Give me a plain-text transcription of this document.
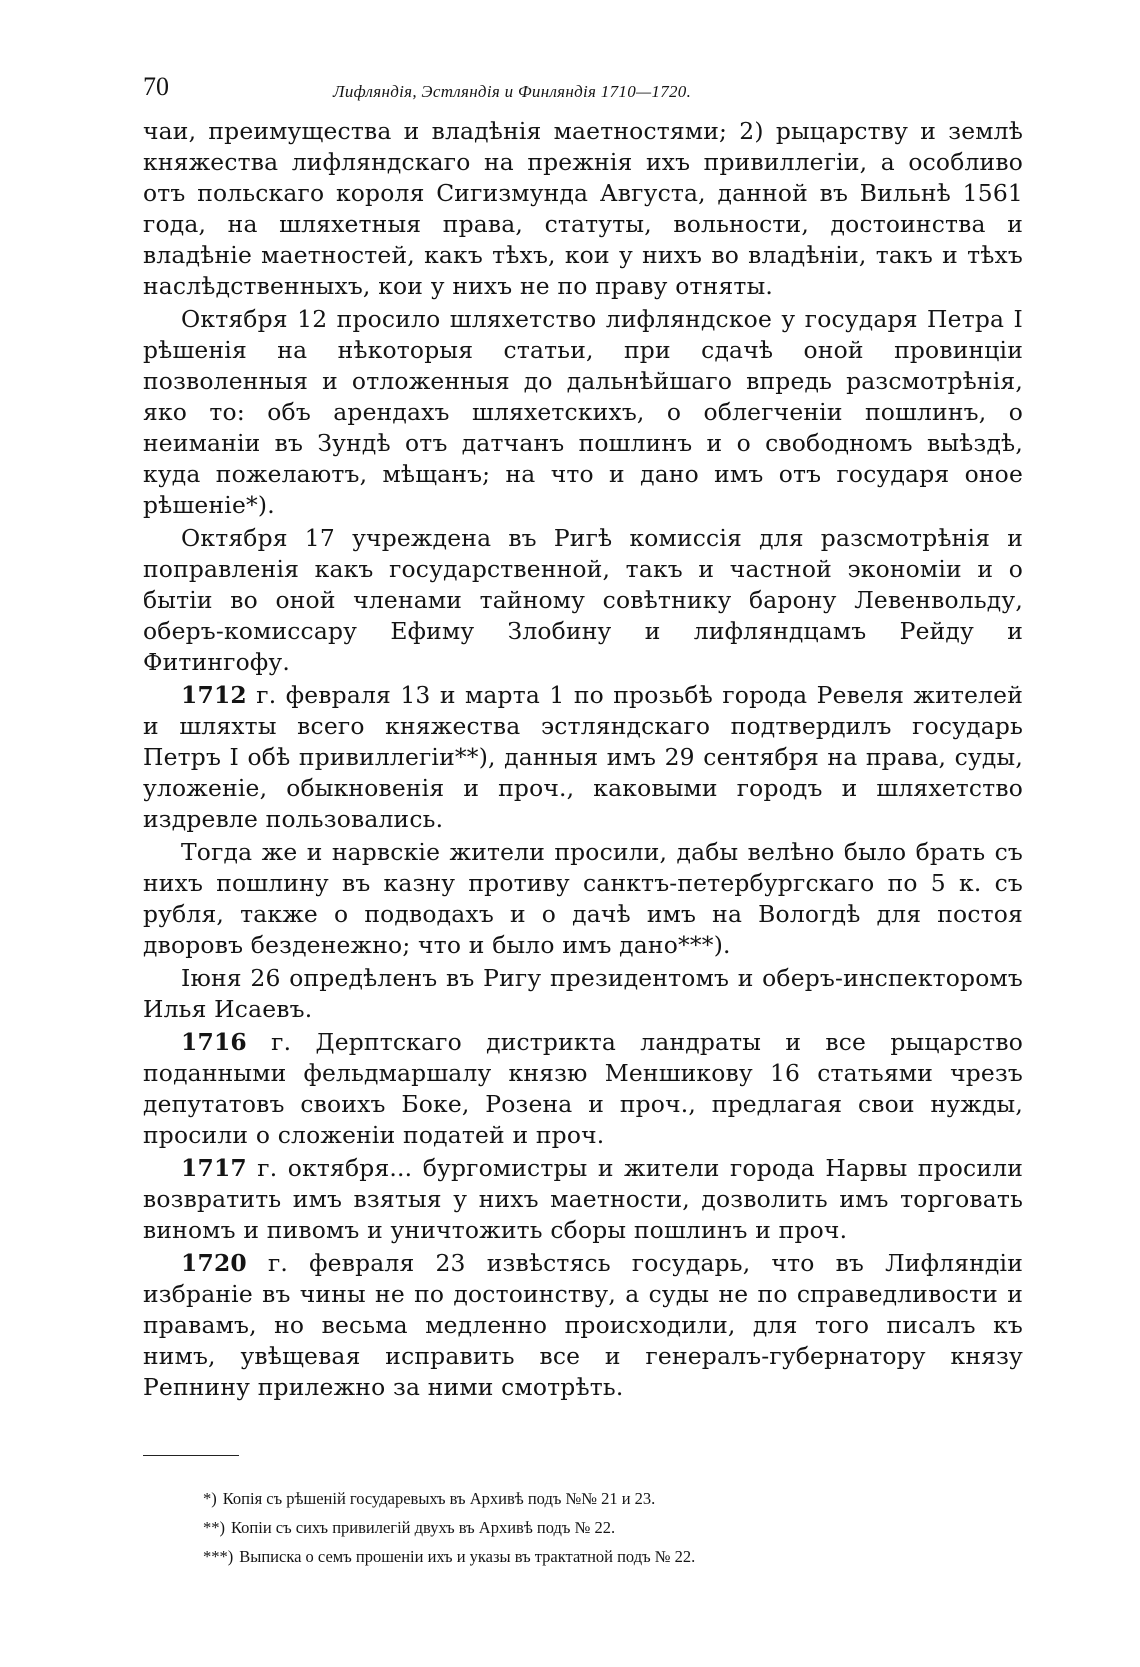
70	Лифляндія, Эстляндія и Финляндія 1710—1720.

чаи, преимущества и владѣнія маетностями; 2) рыцарству и землѣ княжества лифляндскаго на прежнія ихъ привиллегіи, а особливо отъ польскаго короля Сигизмунда Августа, данной въ Вильнѣ 1561 года, на шляхетныя права, статуты, вольности, достоинства и владѣніе маетностей, какъ тѣхъ, кои у нихъ во владѣніи, такъ и тѣхъ наслѣдственныхъ, кои у нихъ не по праву отняты.

Октября 12 просило шляхетство лифляндское у государя Петра I рѣшенія на нѣкоторыя статьи, при сдачѣ оной провинціи позволенныя и отложенныя до дальнѣйшаго впредь разсмотрѣнія, яко то: объ арендахъ шляхетскихъ, о облегченіи пошлинъ, о неиманіи въ Зундѣ отъ датчанъ пошлинъ и о свободномъ выѣздѣ, куда пожелаютъ, мѣщанъ; на что и дано имъ отъ государя оное рѣшеніе*).

Октября 17 учреждена въ Ригѣ комиссія для разсмотрѣнія и поправленія какъ государственной, такъ и частной экономіи и о бытіи во оной членами тайному совѣтнику барону Левенвольду, оберъ-комиссару Ефиму Злобину и лифляндцамъ Рейду и Фитингофу.

1712 г. февраля 13 и марта 1 по прозьбѣ города Ревеля жителей и шляхты всего княжества эстляндскаго подтвердилъ государь Петръ I обѣ привиллегіи**), данныя имъ 29 сентября на права, суды, уложеніе, обыкновенія и проч., каковыми городъ и шляхетство издревле пользовались.

Тогда же и нарвскіе жители просили, дабы велѣно было брать съ нихъ пошлину въ казну противу санктъ-петербургскаго по 5 к. съ рубля, также о подводахъ и о дачѣ имъ на Вологдѣ для постоя дворовъ безденежно; что и было имъ дано***).

Іюня 26 опредѣленъ въ Ригу президентомъ и оберъ-инспекторомъ Илья Исаевъ.

1716 г. Дерптскаго дистрикта ландраты и все рыцарство поданными фельдмаршалу князю Меншикову 16 статьями чрезъ депутатовъ своихъ Боке, Розена и проч., предлагая свои нужды, просили о сложеніи податей и проч.

1717 г. октября... бургомистры и жители города Нарвы просили возвратить имъ взятыя у нихъ маетности, дозволить имъ торговать виномъ и пивомъ и уничтожить сборы пошлинъ и проч.

1720 г. февраля 23 извѣстясь государь, что въ Лифляндіи избраніе въ чины не по достоинству, а суды не по справедливости и правамъ, но весьма медленно происходили, для того писалъ къ нимъ, увѣщевая исправить все и генералъ-губернатору князу Репнину прилежно за ними смотрѣть.

*) Копія съ рѣшеній государевыхъ въ Архивѣ подъ №№ 21 и 23.

**) Копіи съ сихъ привилегій двухъ въ Архивѣ подъ № 22.

***) Выписка о семъ прошеніи ихъ и указы въ трактатной подъ № 22.
